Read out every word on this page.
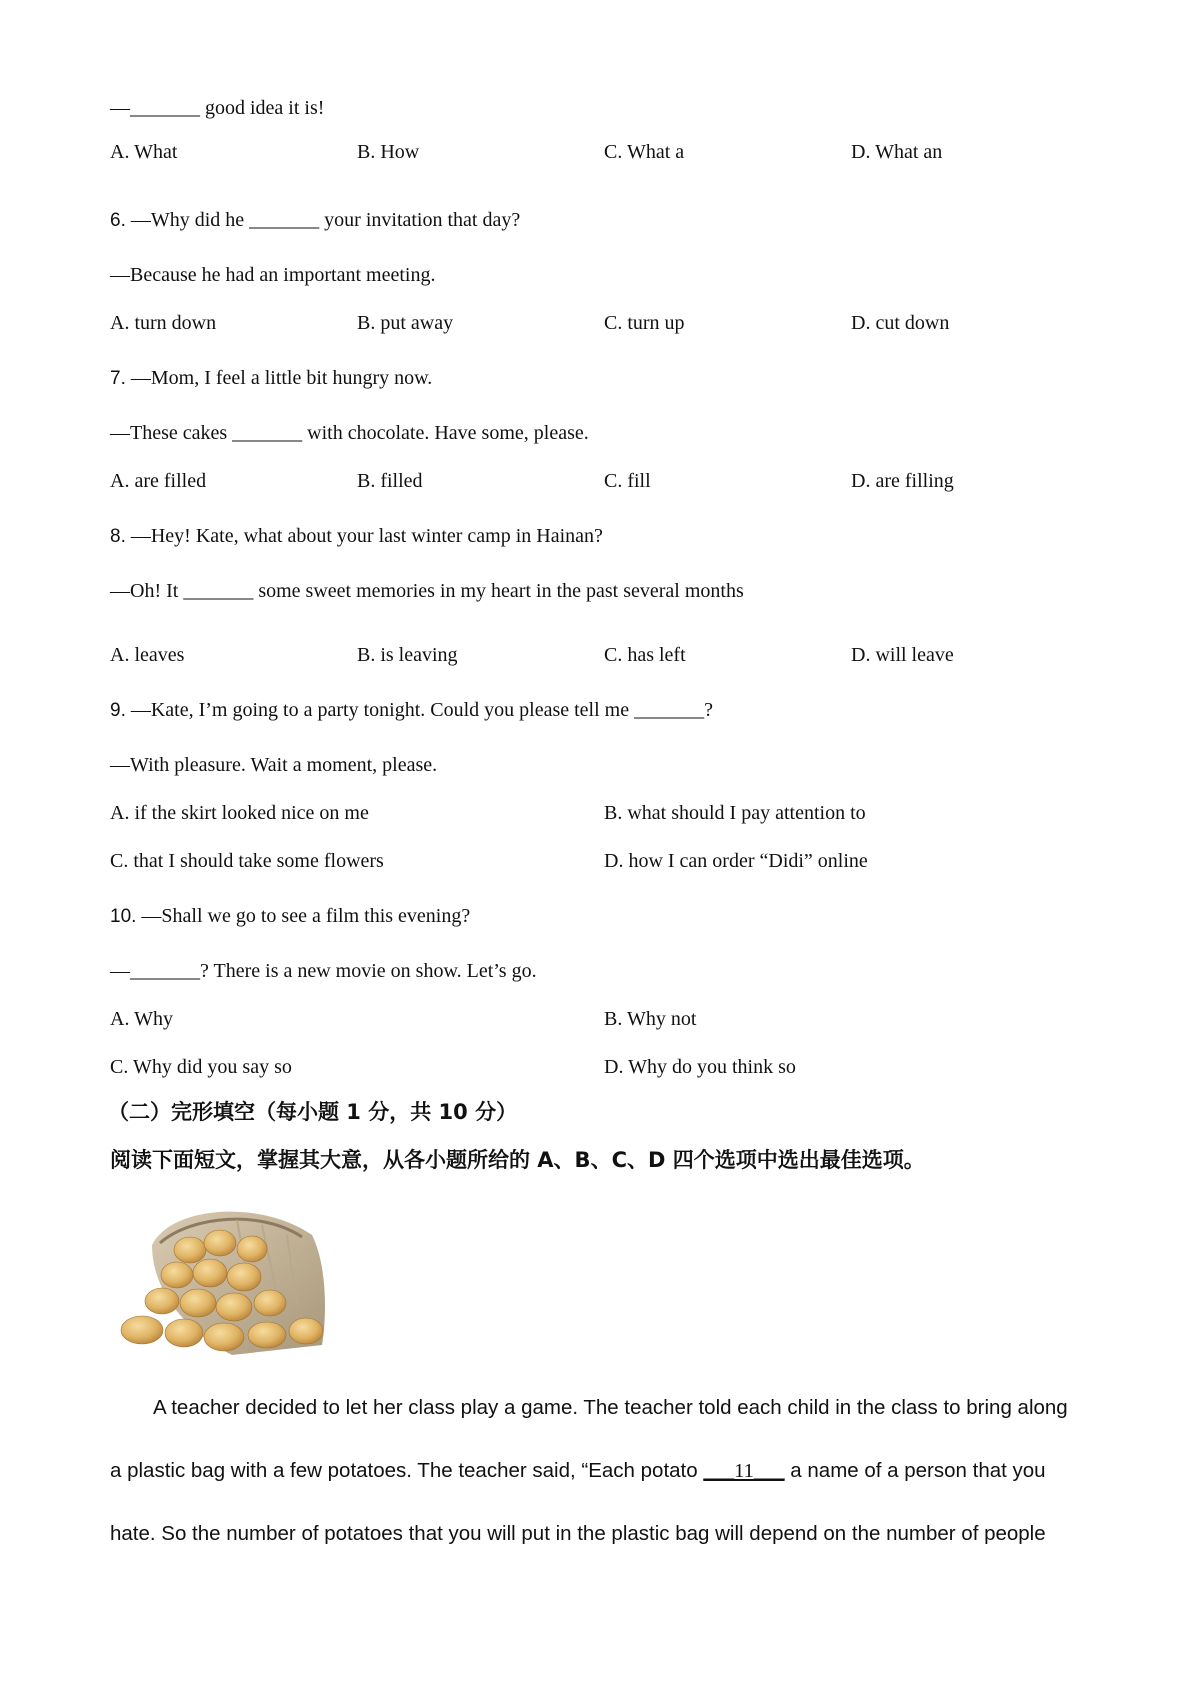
—_______ good idea it is!
A. What	B. How	C. What a	D. What an
6. —Why did he _______ your invitation that day?
—Because he had an important meeting.
A. turn down	B. put away	C. turn up	D. cut down
7. —Mom, I feel a little bit hungry now.
—These cakes _______ with chocolate. Have some, please.
A. are filled	B. filled	C. fill	D. are filling
8. —Hey! Kate, what about your last winter camp in Hainan?
—Oh! It _______ some sweet memories in my heart in the past several months
A. leaves	B. is leaving	C. has left	D. will leave
9. —Kate, I’m going to a party tonight. Could you please tell me _______?
—With pleasure. Wait a moment, please.
A. if the skirt looked nice on me	B. what should I pay attention to
C. that I should take some flowers	D. how I can order “Didi” online
10. —Shall we go to see a film this evening?
—_______? There is a new movie on show. Let’s go.
A. Why	B. Why not
C. Why did you say so	D. Why do you think so
（二）完形填空（每小题 1 分，共 10 分）
阅读下面短文，掌握其大意，从各小题所给的 A、B、C、D 四个选项中选出最佳选项。
A teacher decided to let her class play a game. The teacher told each child in the class to bring along
a plastic bag with a few potatoes. The teacher said, “Each potato ___11___ a name of a person that you
hate. So the number of potatoes that you will put in the plastic bag will depend on the number of people
